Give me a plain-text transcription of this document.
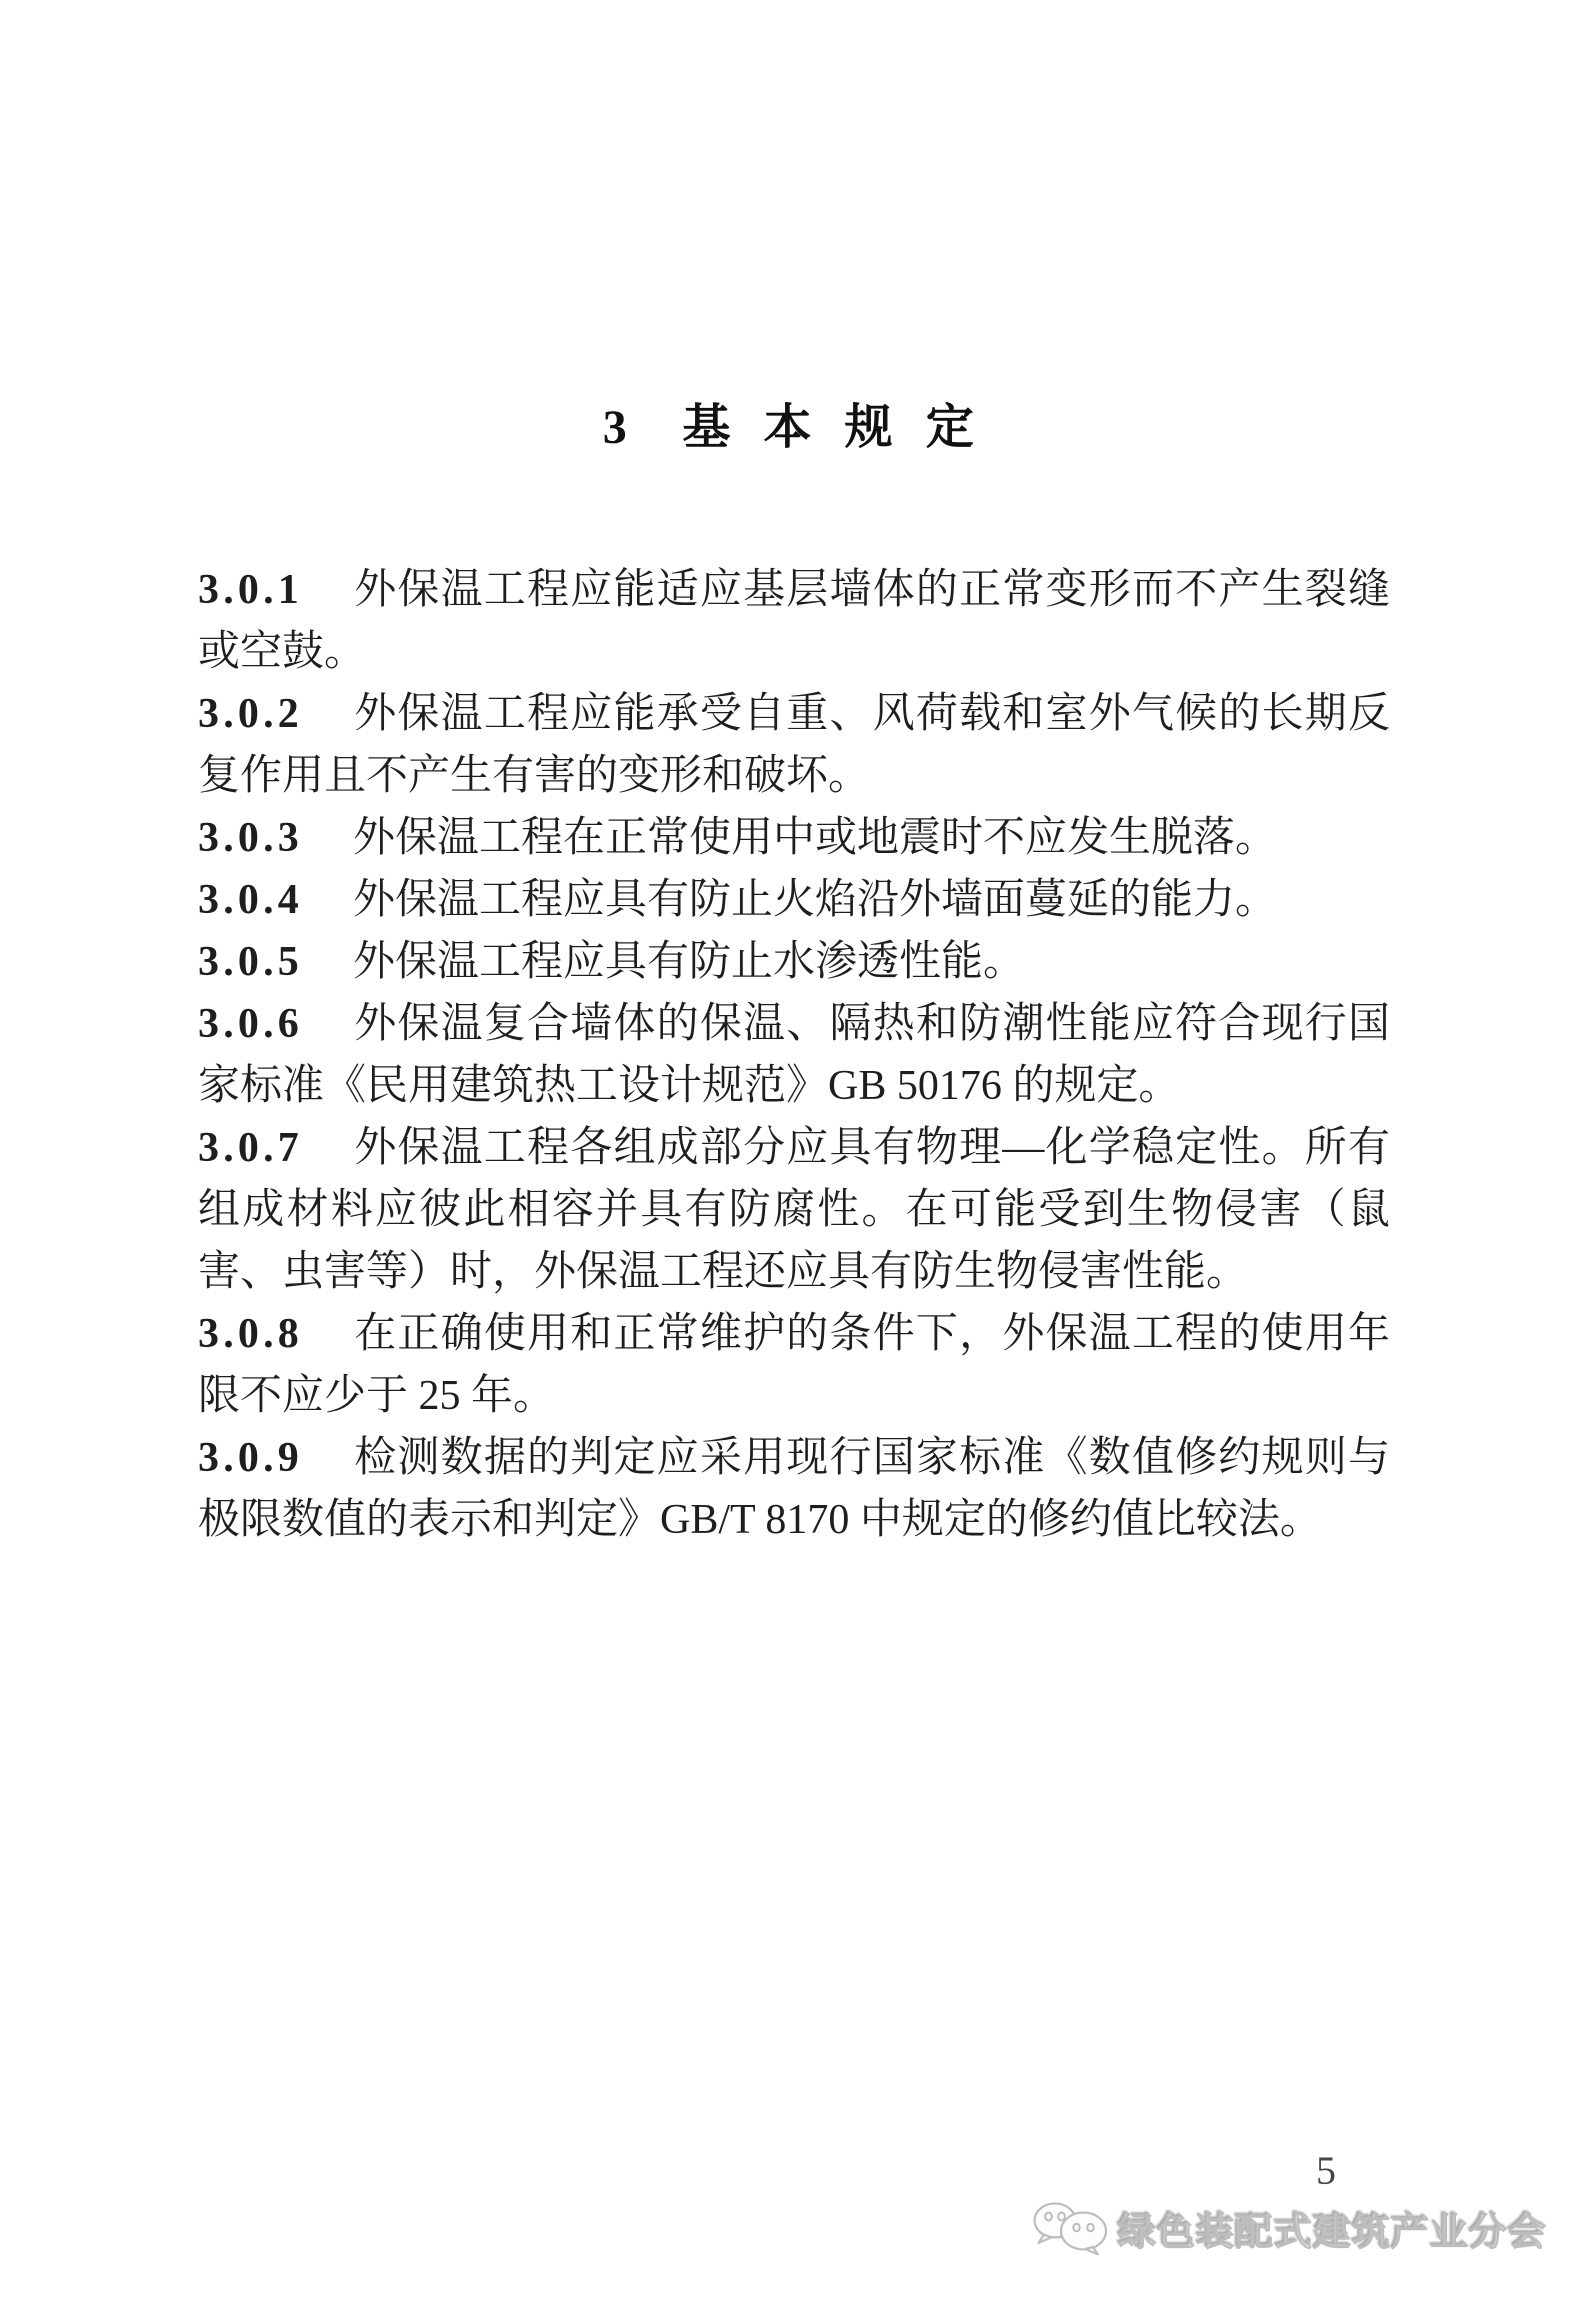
3  基 本 规 定

3.0.1 外保温工程应能适应基层墙体的正常变形而不产生裂缝或空鼓。

3.0.2 外保温工程应能承受自重、风荷载和室外气候的长期反复作用且不产生有害的变形和破坏。

3.0.3 外保温工程在正常使用中或地震时不应发生脱落。

3.0.4 外保温工程应具有防止火焰沿外墙面蔓延的能力。

3.0.5 外保温工程应具有防止水渗透性能。

3.0.6 外保温复合墙体的保温、隔热和防潮性能应符合现行国家标准《民用建筑热工设计规范》GB 50176 的规定。

3.0.7 外保温工程各组成部分应具有物理—化学稳定性。所有组成材料应彼此相容并具有防腐性。在可能受到生物侵害（鼠害、虫害等）时，外保温工程还应具有防生物侵害性能。

3.0.8 在正确使用和正常维护的条件下，外保温工程的使用年限不应少于 25 年。

3.0.9 检测数据的判定应采用现行国家标准《数值修约规则与极限数值的表示和判定》GB/T 8170 中规定的修约值比较法。

5
绿色装配式建筑产业分会
